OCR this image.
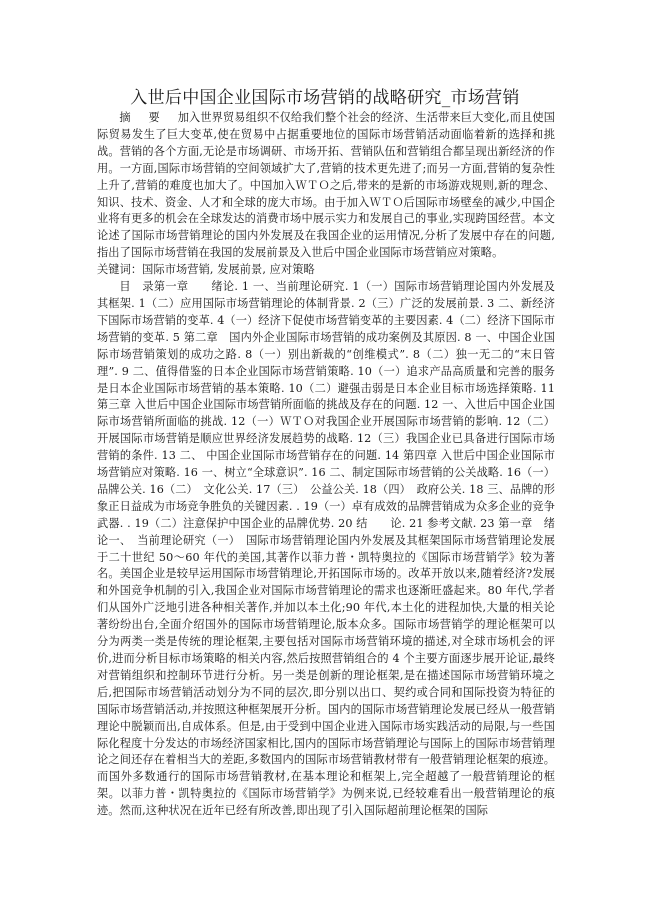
入世后中国企业国际市场营销的战略研究_市场营销

摘要加入世界贸易组织不仅给我们整个社会的经济、生活带来巨大变化,而且使国际贸易发生了巨大变革,使在贸易中占据重要地位的国际市场营销活动面临着新的选择和挑战。营销的各个方面,无论是市场调研、市场开拓、营销队伍和营销组合都呈现出新经济的作用。一方面,国际市场营销的空间领域扩大了,营销的技术更先进了;而另一方面,营销的复杂性上升了,营销的难度也加大了。中国加入ＷＴＯ之后,带来的是新的市场游戏规则,新的理念、知识、技术、资金、人才和全球的庞大市场。由于加入ＷＴＯ后国际市场壁垒的减少,中国企业将有更多的机会在全球发达的消费市场中展示实力和发展自己的事业,实现跨国经营。本文论述了国际市场营销理论的国内外发展及在我国企业的运用情况,分析了发展中存在的问题,指出了国际市场营销在我国的发展前景及入世后中国企业国际市场营销应对策略。

关键词：国际市场营销, 发展前景, 应对策略

目　录第一章　　绪论. 1 一、当前理论研究. 1（一）国际市场营销理论国内外发展及其框架. 1（二）应用国际市场营销理论的体制背景. 2（三）广泛的发展前景. 3 二、新经济下国际市场营销的变革. 4（一）经济下促使市场营销变革的主要因素. 4（二）经济下国际市场营销的变革. 5 第二章　国内外企业国际市场营销的成功案例及其原因. 8 一、中国企业国际市场营销策划的成功之路. 8（一）别出新裁的“创维模式”. 8（二）独一无二的“末日管理”. 9 二、值得借鉴的日本企业国际市场营销策略. 10（一）追求产品高质量和完善的服务是日本企业国际市场营销的基本策略. 10（二）避强击弱是日本企业目标市场选择策略. 11 第三章 入世后中国企业国际市场营销所面临的挑战及存在的问题. 12 一、入世后中国企业国际市场营销所面临的挑战. 12（一）ＷＴＯ对我国企业开展国际市场营销的影响. 12（二）开展国际市场营销是顺应世界经济发展趋势的战略. 12（三）我国企业已具备进行国际市场营销的条件. 13 二、 中国企业国际市场营销存在的问题. 14 第四章 入世后中国企业国际市场营销应对策略. 16 一、树立“全球意识”. 16 二、制定国际市场营销的公关战略. 16（一）品牌公关. 16（二）　文化公关. 17（三）　公益公关. 18（四）　政府公关. 18 三、品牌的形象正日益成为市场竞争胜负的关键因素. . 19（一）卓有成效的品牌营销成为众多企业的竞争武器. . 19（二）注意保护中国企业的品牌优势. 20 结　　论. 21 参考文献. 23 第一章　绪论一、　当前理论研究（一）　国际市场营销理论国内外发展及其框架国际市场营销理论发展于二十世纪 50～60 年代的美国,其著作以菲力普・凯特奥拉的《国际市场营销学》较为著名。美国企业是较早运用国际市场营销理论,开拓国际市场的。改革开放以来,随着经济?发展和外国竞争机制的引入,我国企业对国际市场营销理论的需求也逐渐旺盛起来。80 年代,学者们从国外广泛地引进各种相关著作,并加以本土化;90 年代,本土化的进程加快,大量的相关论著纷纷出台,全面介绍国外的国际市场营销理论,版本众多。国际市场营销学的理论框架可以分为两类一类是传统的理论框架,主要包括对国际市场营销环境的描述,对全球市场机会的评价,进而分析目标市场策略的相关内容,然后按照营销组合的 4 个主要方面逐步展开论证,最终对营销组织和控制环节进行分析。另一类是创新的理论框架,是在描述国际市场营销环境之后,把国际市场营销活动划分为不同的层次,即分别以出口、契约或合同和国际投资为特征的国际市场营销活动,并按照这种框架展开分析。国内的国际市场营销理论发展已经从一般营销理论中脱颖而出,自成体系。但是,由于受到中国企业进入国际市场实践活动的局限,与一些国际化程度十分发达的市场经济国家相比,国内的国际市场营销理论与国际上的国际市场营销理论之间还存在着相当大的差距,多数国内的国际市场营销教材带有一般营销理论框架的痕迹。而国外多数通行的国际市场营销教材,在基本理论和框架上,完全超越了一般营销理论的框架。以菲力普・凯特奥拉的《国际市场营销学》为例来说,已经较难看出一般营销理论的痕迹。然而,这种状况在近年已经有所改善,即出现了引入国际超前理论框架的国际
